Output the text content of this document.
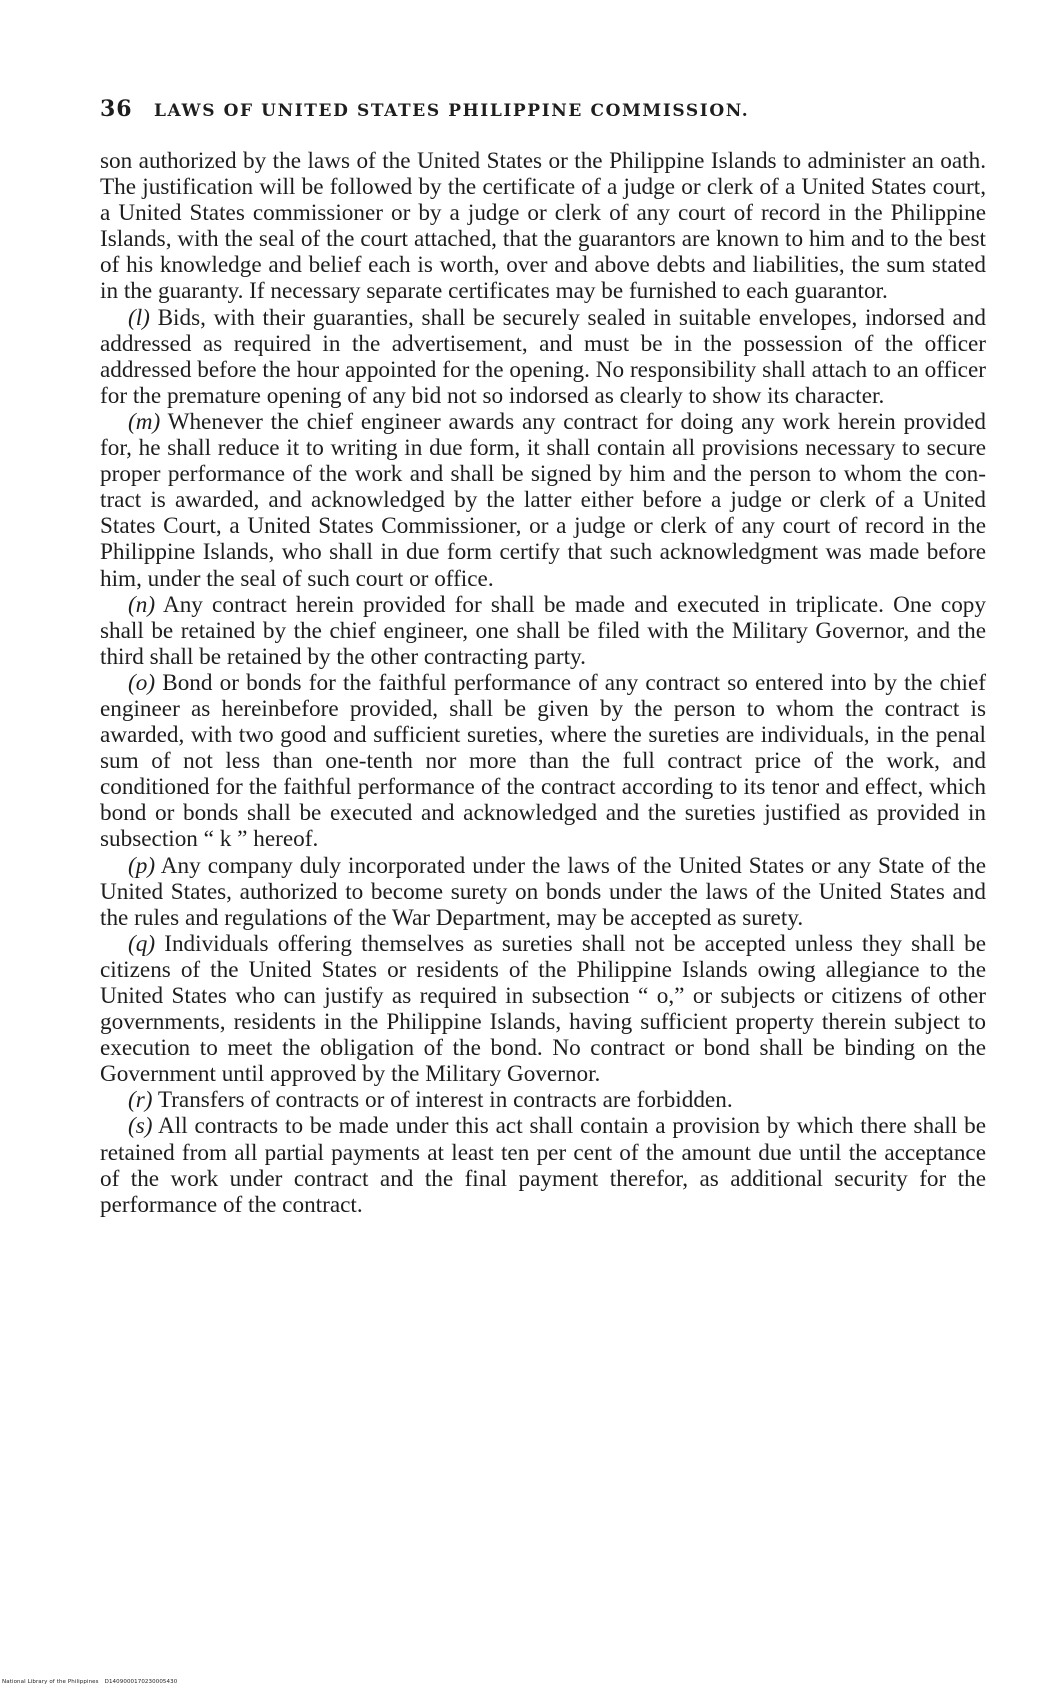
36	LAWS OF UNITED STATES PHILIPPINE COMMISSION.

son authorized by the laws of the United States or the Philippine Islands to administer an oath. The justification will be followed by the certificate of a judge or clerk of a United States court, a United States commissioner or by a judge or clerk of any court of record in the Philippine Islands, with the seal of the court attached, that the guarantors are known to him and to the best of his knowledge and belief each is worth, over and above debts and liabilities, the sum stated in the guaranty. If necessary separate certificates may be furnished to each guarantor.

(l) Bids, with their guaranties, shall be securely sealed in suitable envelopes, indorsed and addressed as required in the advertisement, and must be in the possession of the officer addressed before the hour appointed for the opening. No responsibility shall attach to an officer for the premature opening of any bid not so indorsed as clearly to show its character.

(m) Whenever the chief engineer awards any contract for doing any work herein provided for, he shall reduce it to writing in due form, it shall contain all provisions necessary to secure proper performance of the work and shall be signed by him and the person to whom the contract is awarded, and acknowledged by the latter either before a judge or clerk of a United States Court, a United States Commissioner, or a judge or clerk of any court of record in the Philippine Islands, who shall in due form certify that such acknowledgment was made before him, under the seal of such court or office.

(n) Any contract herein provided for shall be made and executed in triplicate. One copy shall be retained by the chief engineer, one shall be filed with the Military Governor, and the third shall be retained by the other contracting party.

(o) Bond or bonds for the faithful performance of any contract so entered into by the chief engineer as hereinbefore provided, shall be given by the person to whom the contract is awarded, with two good and sufficient sureties, where the sureties are individuals, in the penal sum of not less than one-tenth nor more than the full contract price of the work, and conditioned for the faithful performance of the contract according to its tenor and effect, which bond or bonds shall be executed and acknowledged and the sureties justified as provided in subsection “ k ” hereof.

(p) Any company duly incorporated under the laws of the United States or any State of the United States, authorized to become surety on bonds under the laws of the United States and the rules and regulations of the War Department, may be accepted as surety.

(q) Individuals offering themselves as sureties shall not be accepted unless they shall be citizens of the United States or residents of the Philippine Islands owing allegiance to the United States who can justify as required in subsection “ o,” or subjects or citizens of other governments, residents in the Philippine Islands, having sufficient property therein subject to execution to meet the obligation of the bond. No contract or bond shall be binding on the Government until approved by the Military Governor.

(r) Transfers of contracts or of interest in contracts are forbidden.

(s) All contracts to be made under this act shall contain a provision by which there shall be retained from all partial payments at least ten per cent of the amount due until the acceptance of the work under contract and the final payment therefor, as additional security for the performance of the contract.

National Library of the Philippines D1409000170230005430
